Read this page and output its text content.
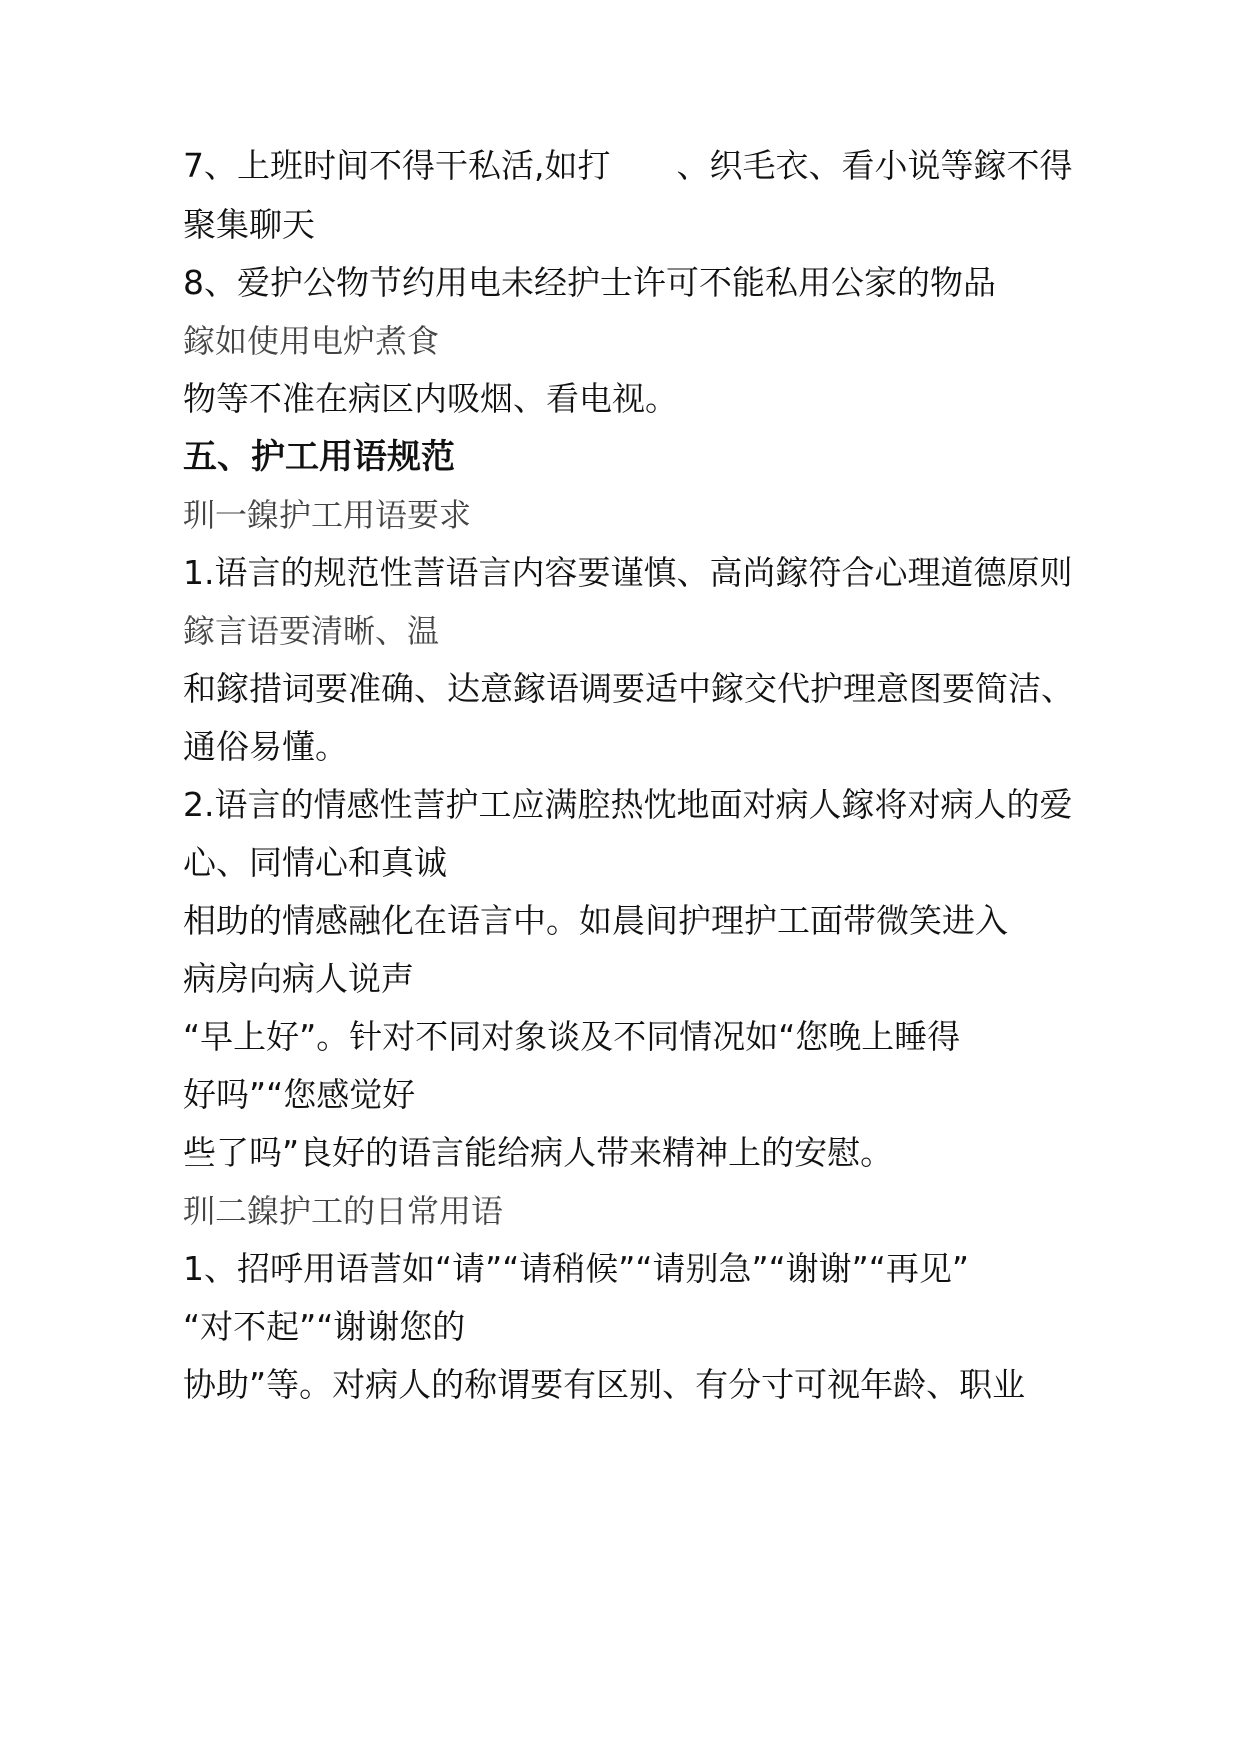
7、上班时间不得干私活,如打　　、织毛衣、看小说等鎵不得
聚集聊天
8、爱护公物节约用电未经护士许可不能私用公家的物品
鎵如使用电炉煮食
物等不准在病区内吸烟、看电视。
五、护工用语规范
玔一鎳护工用语要求
1.语言的规范性䓂语言内容要谨慎、高尚鎵符合心理道德原则
鎵言语要清晰、温
和鎵措词要准确、达意鎵语调要适中鎵交代护理意图要简洁、
通俗易懂。
2.语言的情感性䓂护工应满腔热忱地面对病人鎵将对病人的爱
心、同情心和真诚
相助的情感融化在语言中。如晨间护理护工面带微笑进入
病房向病人说声
“早上好”。针对不同对象谈及不同情况如“您晚上睡得
好吗”“您感觉好
些了吗”良好的语言能给病人带来精神上的安慰。
玔二鎳护工的日常用语
1、招呼用语䓂如“请”“请稍候”“请别急”“谢谢”“再见”
“对不起”“谢谢您的
协助”等。对病人的称谓要有区别、有分寸可视年龄、职业
